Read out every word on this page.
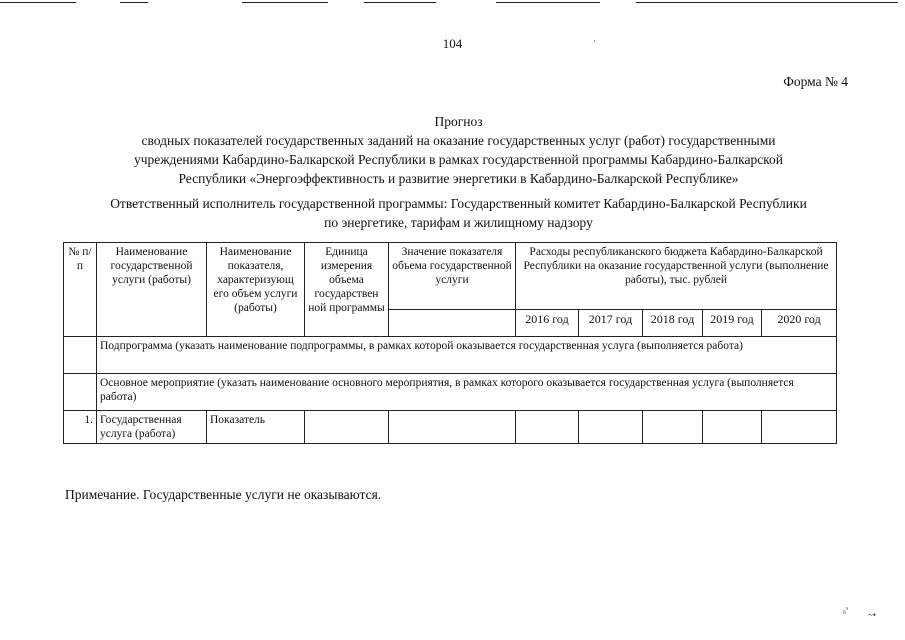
104	·
Форма № 4
Прогноз
сводных показателей государственных заданий на оказание государственных услуг (работ) государственными
учреждениями Кабардино-Балкарской Республики в рамках государственной программы Кабардино-Балкарской
Республики «Энергоэффективность и развитие энергетики в Кабардино-Балкарской Республике»
Ответственный исполнитель государственной программы: Государственный комитет Кабардино-Балкарской Республики
по энергетике, тарифам и жилищному надзору
№ п/п	Наименование государственной услуги (работы)	Наименование показателя, характеризующ его объем услуги (работы)	Единица измерения объема государствен ной программы	Значение показателя объема государственной услуги	Расходы республиканского бюджета Кабардино-Балкарской Республики на оказание государственной услуги (выполнение работы), тыс. рублей				
					2016 год	2017 год	2018 год	2019 год	2020 год
	Подпрограмма (указать наименование подпрограммы, в рамках которой оказывается государственная услуга (выполняется работа)								
	Основное мероприятие (указать наименование основного мероприятия, в рамках которого оказывается государственная услуга (выполняется работа)								
1.	Государственная услуга (работа)	Показатель							
Примечание. Государственные услуги не оказываются.
₆ˢ
~•
